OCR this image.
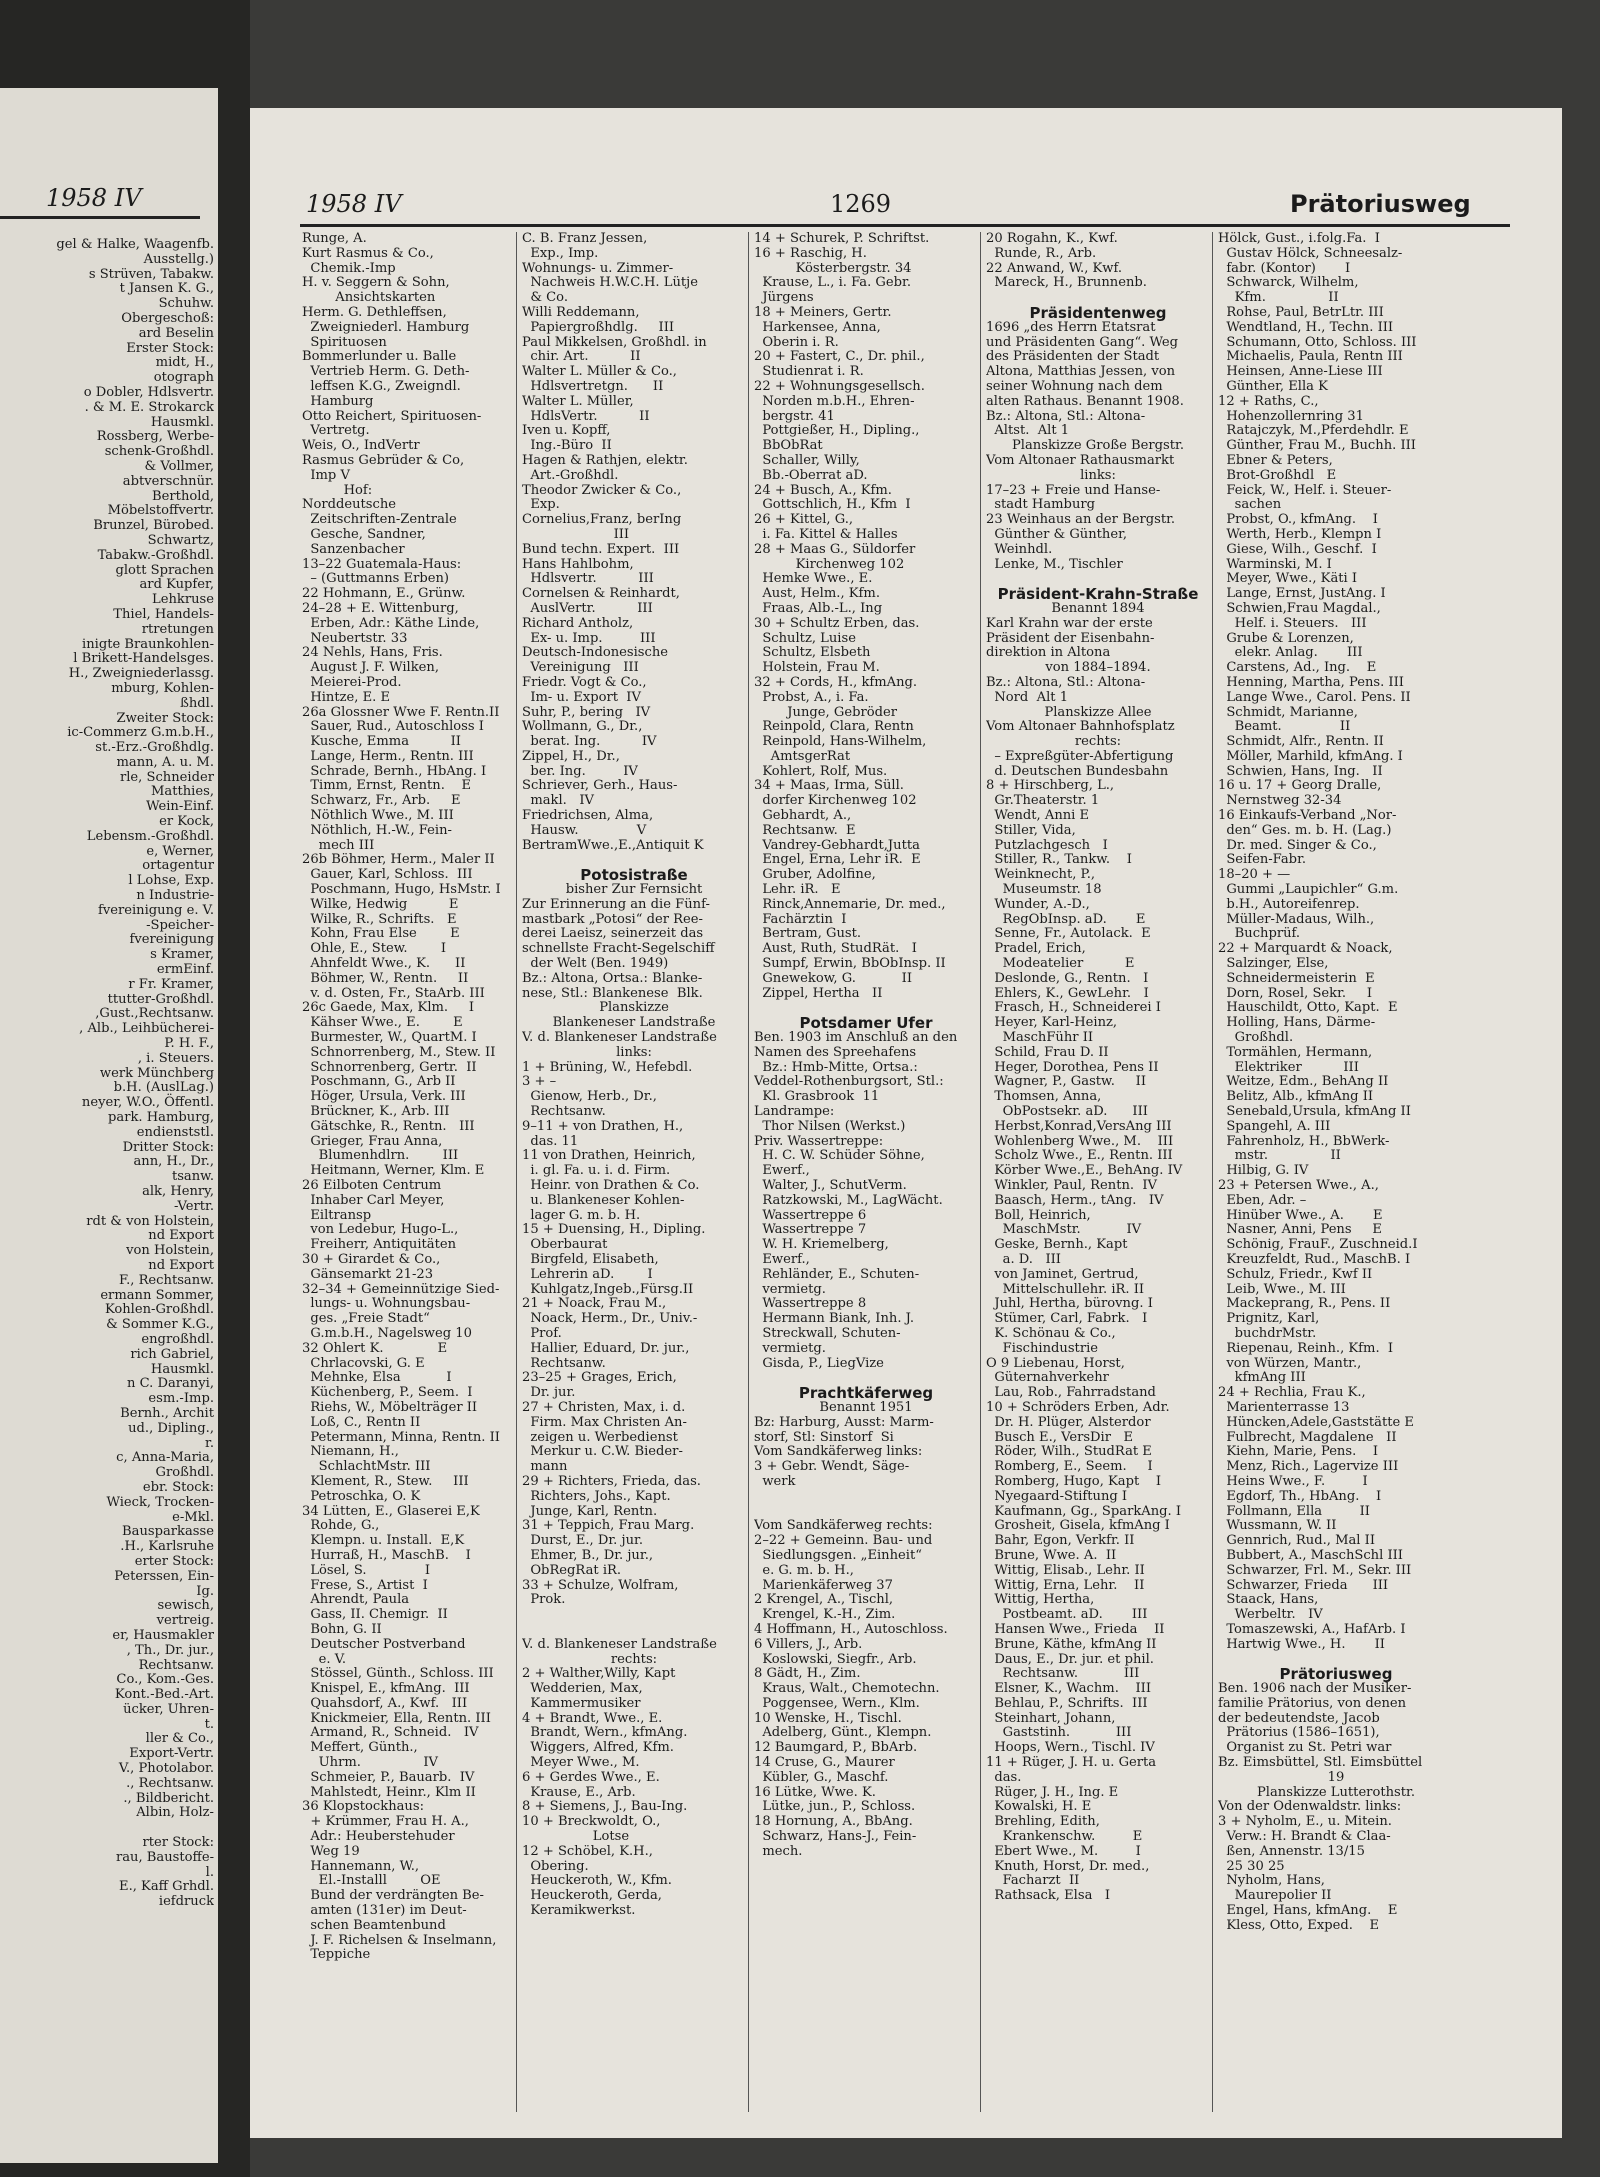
1958 IV
gel & Halke, Waagenfb.
Ausstellg.)
s Strüven, Tabakw.
t Jansen K. G.,
Schuhw.
Obergeschoß:
ard Beselin
Erster Stock:
midt, H.,
otograph
o Dobler, Hdlsvertr.
. & M. E. Strokarck
Hausmkl.
Rossberg, Werbe-
schenk-Großhdl.
& Vollmer,
abtverschnür.
Berthold,
Möbelstoffvertr.
Brunzel, Bürobed.
Schwartz,
Tabakw.-Großhdl.
glott Sprachen
ard Kupfer,
Lehkruse
Thiel, Handels-
rtretungen
inigte Braunkohlen-
l Brikett-Handelsges.
H., Zweigniederlassg.
mburg, Kohlen-
ßhdl.
Zweiter Stock:
ic-Commerz G.m.b.H.,
st.-Erz.-Großhdlg.
mann, A. u. M.
rle, Schneider
Matthies,
Wein-Einf.
er Kock,
Lebensm.-Großhdl.
e, Werner,
ortagentur
l Lohse, Exp.
n Industrie-
fvereinigung e. V.
-Speicher-
fvereinigung
s Kramer,
ermEinf.
r Fr. Kramer,
ttutter-Großhdl.
,Gust.,Rechtsanw.
, Alb., Leihbücherei-
P. H. F.,
, i. Steuers.
werk Münchberg
b.H. (AuslLag.)
neyer, W.O., Öffentl.
park. Hamburg,
endienststl.
Dritter Stock:
ann, H., Dr.,
tsanw.
alk, Henry,
-Vertr.
rdt & von Holstein,
nd Export
von Holstein,
nd Export
F., Rechtsanw.
ermann Sommer,
Kohlen-Großhdl.
& Sommer K.G.,
engroßhdl.
rich Gabriel,
Hausmkl.
n C. Daranyi,
esm.-Imp.
Bernh., Archit
ud., Dipling.,
r.
c, Anna-Maria,
Großhdl.
ebr. Stock:
Wieck, Trocken-
e-Mkl.
Bausparkasse
.H., Karlsruhe
erter Stock:
Peterssen, Ein-
Ig.
sewisch,
vertreig.
er, Hausmakler
, Th., Dr. jur.,
Rechtsanw.
Co., Kom.-Ges.
Kont.-Bed.-Art.
ücker, Uhren-
t.
ller & Co.,
Export-Vertr.
V., Photolabor.
., Rechtsanw.
., Bildbericht.
Albin, Holz-
rter Stock:
rau, Baustoffe-
l.
E., Kaff Grhdl.
iefdruck
1958 IV	1269	Prätoriusweg
Runge, A.
Kurt Rasmus & Co.,
Chemik.-Imp
H. v. Seggern & Sohn,
Ansichtskarten
Herm. G. Dethleffsen,
Zweigniederl. Hamburg
Spirituosen
Bommerlunder u. Balle
Vertrieb Herm. G. Deth-
leffsen K.G., Zweigndl.
Hamburg
Otto Reichert, Spirituosen-
Vertretg.
Weis, O., IndVertr
Rasmus Gebrüder & Co,
Imp V
Hof:
Norddeutsche
Zeitschriften-Zentrale
Gesche, Sandner,
Sanzenbacher
13–22 Guatemala-Haus:
– (Guttmanns Erben)
22 Hohmann, E., Grünw.
24–28 + E. Wittenburg,
Erben, Adr.: Käthe Linde,
Neubertstr. 33
24 Nehls, Hans, Fris.
August J. F. Wilken,
Meierei-Prod.
Hintze, E. E
26a Glossner Wwe F. Rentn.II
Sauer, Rud., Autoschloss I
Kusche, Emma          II
Lange, Herm., Rentn. III
Schrade, Bernh., HbAng. I
Timm, Ernst, Rentn.    E
Schwarz, Fr., Arb.     E
Nöthlich Wwe., M. III
Nöthlich, H.-W., Fein-
mech III
26b Böhmer, Herm., Maler II
Gauer, Karl, Schloss.  III
Poschmann, Hugo, HsMstr. I
Wilke, Hedwig          E
Wilke, R., Schrifts.   E
Kohn, Frau Else        E
Ohle, E., Stew.        I
Ahnfeldt Wwe., K.      II
Böhmer, W., Rentn.     II
v. d. Osten, Fr., StaArb. III
26c Gaede, Max, Klm.     I
Kähser Wwe., E.        E
Burmester, W., QuartM. I
Schnorrenberg, M., Stew. II
Schnorrenberg, Gertr.  II
Poschmann, G., Arb II
Höger, Ursula, Verk. III
Brückner, K., Arb. III
Gätschke, R., Rentn.   III
Grieger, Frau Anna,
Blumenhdlrn.        III
Heitmann, Werner, Klm. E
26 Eilboten Centrum
Inhaber Carl Meyer,
Eiltransp
von Ledebur, Hugo-L.,
Freiherr, Antiquitäten
30 + Girardet & Co.,
Gänsemarkt 21-23
32–34 + Gemeinnützige Sied-
lungs- u. Wohnungsbau-
ges. „Freie Stadt“
G.m.b.H., Nagelsweg 10
32 Ohlert K.             E
Chrlacovski, G. E
Mehnke, Elsa           I
Küchenberg, P., Seem.  I
Riehs, W., Möbelträger II
Loß, C., Rentn II
Petermann, Minna, Rentn. II
Niemann, H.,
SchlachtMstr. III
Klement, R., Stew.     III
Petroschka, O. K
34 Lütten, E., Glaserei E,K
Rohde, G.,
Klempn. u. Install.  E,K
Hurraß, H., MaschB.    I
Lösel, S.              I
Frese, S., Artist  I
Ahrendt, Paula
Gass, II. Chemigr.  II
Bohn, G. II
Deutscher Postverband
e. V.
Stössel, Günth., Schloss. III
Knispel, E., kfmAng.  III
Quahsdorf, A., Kwf.   III
Knickmeier, Ella, Rentn. III
Armand, R., Schneid.   IV
Meffert, Günth.,
Uhrm.               IV
Schmeier, P., Bauarb.  IV
Mahlstedt, Heinr., Klm II
36 Klopstockhaus:
+ Krümmer, Frau H. A.,
Adr.: Heuberstehuder
Weg 19
Hannemann, W.,
El.-Installl        OE
Bund der verdrängten Be-
amten (131er) im Deut-
schen Beamtenbund
J. F. Richelsen & Inselmann,
Teppiche
C. B. Franz Jessen,
Exp., Imp.
Wohnungs- u. Zimmer-
Nachweis H.W.C.H. Lütje
& Co.
Willi Reddemann,
Papiergroßhdlg.     III
Paul Mikkelsen, Großhdl. in
chir. Art.          II
Walter L. Müller & Co.,
Hdlsvertretgn.      II
Walter L. Müller,
HdlsVertr.          II
Iven u. Kopff,
Ing.-Büro  II
Hagen & Rathjen, elektr.
Art.-Großhdl.
Theodor Zwicker & Co.,
Exp.
Cornelius,Franz, berIng
III
Bund techn. Expert.  III
Hans Hahlbohm,
Hdlsvertr.          III
Cornelsen & Reinhardt,
AuslVertr.          III
Richard Antholz,
Ex- u. Imp.         III
Deutsch-Indonesische
Vereinigung   III
Friedr. Vogt & Co.,
Im- u. Export  IV
Suhr, P., bering   IV
Wollmann, G., Dr.,
berat. Ing.          IV
Zippel, H., Dr.,
ber. Ing.         IV
Schriever, Gerh., Haus-
makl.   IV
Friedrichsen, Alma,
Hausw.              V
BertramWwe.,E.,Antiquit K
Potosistraße
bisher Zur Fernsicht
Zur Erinnerung an die Fünf-
mastbark „Potosi“ der Ree-
derei Laeisz, seinerzeit das
schnellste Fracht-Segelschiff
der Welt (Ben. 1949)
Bz.: Altona, Ortsa.: Blanke-
nese, Stl.: Blankenese  Blk.
Planskizze
Blankeneser Landstraße
V. d. Blankeneser Landstraße
links:
1 + Brüning, W., Hefebdl.
3 + –
Gienow, Herb., Dr.,
Rechtsanw.
9–11 + von Drathen, H.,
das. 11
11 von Drathen, Heinrich,
i. gl. Fa. u. i. d. Firm.
Heinr. von Drathen & Co.
u. Blankeneser Kohlen-
lager G. m. b. H.
15 + Duensing, H., Dipling.
Oberbaurat
Birgfeld, Elisabeth,
Lehrerin aD.        I
Kuhlgatz,Ingeb.,Fürsg.II
21 + Noack, Frau M.,
Noack, Herm., Dr., Univ.-
Prof.
Hallier, Eduard, Dr. jur.,
Rechtsanw.
23–25 + Grages, Erich,
Dr. jur.
27 + Christen, Max, i. d.
Firm. Max Christen An-
zeigen u. Werbedienst
Merkur u. C.W. Bieder-
mann
29 + Richters, Frieda, das.
Richters, Johs., Kapt.
Junge, Karl, Rentn.
31 + Teppich, Frau Marg.
Durst, E., Dr. jur.
Ehmer, B., Dr. jur.,
ObRegRat iR.
33 + Schulze, Wolfram,
Prok.
V. d. Blankeneser Landstraße
rechts:
2 + Walther,Willy, Kapt
Wedderien, Max,
Kammermusiker
4 + Brandt, Wwe., E.
Brandt, Wern., kfmAng.
Wiggers, Alfred, Kfm.
Meyer Wwe., M.
6 + Gerdes Wwe., E.
Krause, E., Arb.
8 + Siemens, J., Bau-Ing.
10 + Breckwoldt, O.,
Lotse
12 + Schöbel, K.H.,
Obering.
Heuckeroth, W., Kfm.
Heuckeroth, Gerda,
Keramikwerkst.
14 + Schurek, P. Schriftst.
16 + Raschig, H.
Kösterbergstr. 34
Krause, L., i. Fa. Gebr.
Jürgens
18 + Meiners, Gertr.
Harkensee, Anna,
Oberin i. R.
20 + Fastert, C., Dr. phil.,
Studienrat i. R.
22 + Wohnungsgesellsch.
Norden m.b.H., Ehren-
bergstr. 41
Pottgießer, H., Dipling.,
BbObRat
Schaller, Willy,
Bb.-Oberrat aD.
24 + Busch, A., Kfm.
Gottschlich, H., Kfm  I
26 + Kittel, G.,
i. Fa. Kittel & Halles
28 + Maas G., Süldorfer
Kirchenweg 102
Hemke Wwe., E.
Aust, Helm., Kfm.
Fraas, Alb.-L., Ing
30 + Schultz Erben, das.
Schultz, Luise
Schultz, Elsbeth
Holstein, Frau M.
32 + Cords, H., kfmAng.
Probst, A., i. Fa.
Junge, Gebröder
Reinpold, Clara, Rentn
Reinpold, Hans-Wilhelm,
AmtsgerRat
Kohlert, Rolf, Mus.
34 + Maas, Irma, Süll.
dorfer Kirchenweg 102
Gebhardt, A.,
Rechtsanw.  E
Vandrey-Gebhardt,Jutta
Engel, Erna, Lehr iR.  E
Gruber, Adolfine,
Lehr. iR.   E
Rinck,Annemarie, Dr. med.,
Fachärztin  I
Bertram, Gust.
Aust, Ruth, StudRät.   I
Sumpf, Erwin, BbObInsp. II
Gnewekow, G.           II
Zippel, Hertha   II
Potsdamer Ufer
Ben. 1903 im Anschluß an den
Namen des Spreehafens
Bz.: Hmb-Mitte, Ortsa.:
Veddel-Rothenburgsort, Stl.:
Kl. Grasbrook  11
Landrampe:
Thor Nilsen (Werkst.)
Priv. Wassertreppe:
H. C. W. Schüder Söhne,
Ewerf.,
Walter, J., SchutVerm.
Ratzkowski, M., LagWächt.
Wassertreppe 6
Wassertreppe 7
W. H. Kriemelberg,
Ewerf.,
Rehländer, E., Schuten-
vermietg.
Wassertreppe 8
Hermann Biank, Inh. J.
Streckwall, Schuten-
vermietg.
Gisda, P., LiegVize
Prachtkäferweg
Benannt 1951
Bz: Harburg, Ausst: Marm-
storf, Stl: Sinstorf  Si
Vom Sandkäferweg links:
3 + Gebr. Wendt, Säge-
werk
Vom Sandkäferweg rechts:
2–22 + Gemeinn. Bau- und
Siedlungsgen. „Einheit“
e. G. m. b. H.,
Marienkäferweg 37
2 Krengel, A., Tischl,
Krengel, K.-H., Zim.
4 Hoffmann, H., Autoschloss.
6 Villers, J., Arb.
Koslowski, Siegfr., Arb.
8 Gädt, H., Zim.
Kraus, Walt., Chemotechn.
Poggensee, Wern., Klm.
10 Wenske, H., Tischl.
Adelberg, Günt., Klempn.
12 Baumgard, P., BbArb.
14 Cruse, G., Maurer
Kübler, G., Maschf.
16 Lütke, Wwe. K.
Lütke, jun., P., Schloss.
18 Hornung, A., BbAng.
Schwarz, Hans-J., Fein-
mech.
20 Rogahn, K., Kwf.
Runde, R., Arb.
22 Anwand, W., Kwf.
Mareck, H., Brunnenb.
Präsidentenweg
1696 „des Herrn Etatsrat
und Präsidenten Gang“. Weg
des Präsidenten der Stadt
Altona, Matthias Jessen, von
seiner Wohnung nach dem
alten Rathaus. Benannt 1908.
Bz.: Altona, Stl.: Altona-
Altst.  Alt 1
Planskizze Große Bergstr.
Vom Altonaer Rathausmarkt
links:
17–23 + Freie und Hanse-
stadt Hamburg
23 Weinhaus an der Bergstr.
Günther & Günther,
Weinhdl.
Lenke, M., Tischler
Präsident-Krahn-Straße
Benannt 1894
Karl Krahn war der erste
Präsident der Eisenbahn-
direktion in Altona
von 1884–1894.
Bz.: Altona, Stl.: Altona-
Nord  Alt 1
Planskizze Allee
Vom Altonaer Bahnhofsplatz
rechts:
– Expreßgüter-Abfertigung
d. Deutschen Bundesbahn
8 + Hirschberg, L.,
Gr.Theaterstr. 1
Wendt, Anni E
Stiller, Vida,
Putzlachgesch   I
Stiller, R., Tankw.    I
Weinknecht, P.,
Museumstr. 18
Wunder, A.-D.,
RegObInsp. aD.       E
Senne, Fr., Autolack.  E
Pradel, Erich,
Modeatelier          E
Deslonde, G., Rentn.   I
Ehlers, K., GewLehr.   I
Frasch, H., Schneiderei I
Heyer, Karl-Heinz,
MaschFühr II
Schild, Frau D. II
Heger, Dorothea, Pens II
Wagner, P., Gastw.     II
Thomsen, Anna,
ObPostsekr. aD.      III
Herbst,Konrad,VersAng III
Wohlenberg Wwe., M.    III
Scholz Wwe., E., Rentn. III
Körber Wwe.,E., BehAng. IV
Winkler, Paul, Rentn.  IV
Baasch, Herm., tAng.   IV
Boll, Heinrich,
MaschMstr.           IV
Geske, Bernh., Kapt
a. D.   III
von Jaminet, Gertrud,
Mittelschullehr. iR. II
Juhl, Hertha, bürovng. I
Stümer, Carl, Fabrk.   I
K. Schönau & Co.,
Fischindustrie
O 9 Liebenau, Horst,
Güternahverkehr
Lau, Rob., Fahrradstand
10 + Schröders Erben, Adr.
Dr. H. Plüger, Alsterdor
Busch E., VersDir   E
Röder, Wilh., StudRat E
Romberg, E., Seem.     I
Romberg, Hugo, Kapt    I
Nyegaard-Stiftung I
Kaufmann, Gg., SparkAng. I
Grosheit, Gisela, kfmAng I
Bahr, Egon, Verkfr. II
Brune, Wwe. A.  II
Wittig, Elisab., Lehr. II
Wittig, Erna, Lehr.    II
Wittig, Hertha,
Postbeamt. aD.       III
Hansen Wwe., Frieda    II
Brune, Käthe, kfmAng II
Daus, E., Dr. jur. et phil.
Rechtsanw.           III
Elsner, K., Wachm.    III
Behlau, P., Schrifts.  III
Steinhart, Johann,
Gaststinh.           III
Hoops, Wern., Tischl. IV
11 + Rüger, J. H. u. Gerta
das.
Rüger, J. H., Ing. E
Kowalski, H. E
Brehling, Edith,
Krankenschw.         E
Ebert Wwe., M.         I
Knuth, Horst, Dr. med.,
Facharzt  II
Rathsack, Elsa   I
Hölck, Gust., i.folg.Fa.  I
Gustav Hölck, Schneesalz-
fabr. (Kontor)       I
Schwarck, Wilhelm,
Kfm.               II
Rohse, Paul, BetrLtr. III
Wendtland, H., Techn. III
Schumann, Otto, Schloss. III
Michaelis, Paula, Rentn III
Heinsen, Anne-Liese III
Günther, Ella K
12 + Raths, C.,
Hohenzollernring 31
Ratajczyk, M.,Pferdehdlr. E
Günther, Frau M., Buchh. III
Ebner & Peters,
Brot-Großhdl   E
Feick, W., Helf. i. Steuer-
sachen
Probst, O., kfmAng.    I
Werth, Herb., Klempn I
Giese, Wilh., Geschf.  I
Warminski, M. I
Meyer, Wwe., Käti I
Lange, Ernst, JustAng. I
Schwien,Frau Magdal.,
Helf. i. Steuers.   III
Grube & Lorenzen,
elekr. Anlag.       III
Carstens, Ad., Ing.    E
Henning, Martha, Pens. III
Lange Wwe., Carol. Pens. II
Schmidt, Marianne,
Beamt.              II
Schmidt, Alfr., Rentn. II
Möller, Marhild, kfmAng. I
Schwien, Hans, Ing.   II
16 u. 17 + Georg Dralle,
Nernstweg 32-34
16 Einkaufs-Verband „Nor-
den“ Ges. m. b. H. (Lag.)
Dr. med. Singer & Co.,
Seifen-Fabr.
18–20 + —
Gummi „Laupichler“ G.m.
b.H., Autoreifenrep.
Müller-Madaus, Wilh.,
Buchprüf.
22 + Marquardt & Noack,
Salzinger, Else,
Schneidermeisterin  E
Dorn, Rosel, Sekr.     I
Hauschildt, Otto, Kapt.  E
Holling, Hans, Därme-
Großhdl.
Tormählen, Hermann,
Elektriker          III
Weitze, Edm., BehAng II
Belitz, Alb., kfmAng II
Senebald,Ursula, kfmAng II
Spangehl, A. III
Fahrenholz, H., BbWerk-
mstr.               II
Hilbig, G. IV
23 + Petersen Wwe., A.,
Eben, Adr. –
Hinüber Wwe., A.       E
Nasner, Anni, Pens     E
Schönig, FrauF., Zuschneid.I
Kreuzfeldt, Rud., MaschB. I
Schulz, Friedr., Kwf II
Leib, Wwe., M. III
Mackeprang, R., Pens. II
Prignitz, Karl,
buchdrMstr.
Riepenau, Reinh., Kfm.  I
von Würzen, Mantr.,
kfmAng III
24 + Rechlia, Frau K.,
Marienterrasse 13
Hüncken,Adele,Gaststätte E
Fulbrecht, Magdalene   II
Kiehn, Marie, Pens.    I
Menz, Rich., Lagervize III
Heins Wwe., F.         I
Egdorf, Th., HbAng.    I
Follmann, Ella         II
Wussmann, W. II
Gennrich, Rud., Mal II
Bubbert, A., MaschSchl III
Schwarzer, Frl. M., Sekr. III
Schwarzer, Frieda      III
Staack, Hans,
Werbeltr.   IV
Tomaszewski, A., HafArb. I
Hartwig Wwe., H.       II
Prätoriusweg
Ben. 1906 nach der Musiker-
familie Prätorius, von denen
der bedeutendste, Jacob
Prätorius (1586–1651),
Organist zu St. Petri war
Bz. Eimsbüttel, Stl. Eimsbüttel
19
Planskizze Lutterothstr.
Von der Odenwaldstr. links:
3 + Nyholm, E., u. Mitein.
Verw.: H. Brandt & Claa-
ßen, Annenstr. 13/15
25 30 25
Nyholm, Hans,
Maurepolier II
Engel, Hans, kfmAng.    E
Kless, Otto, Exped.    E
